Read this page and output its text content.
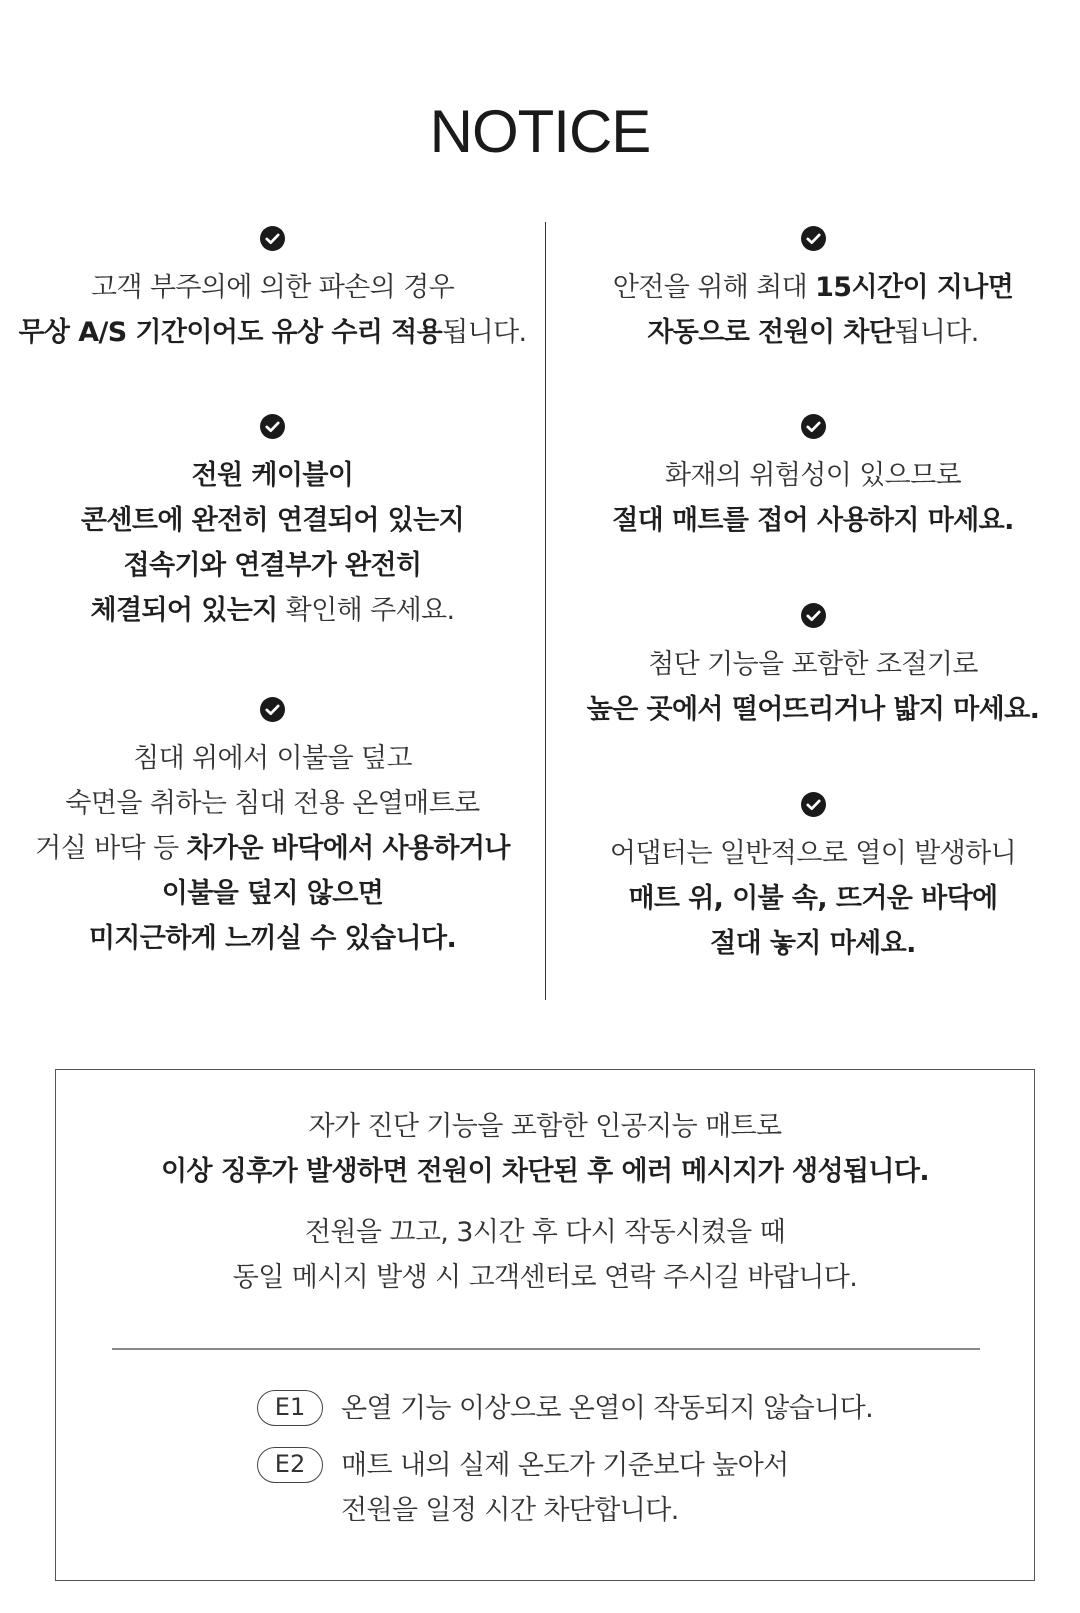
NOTICE
고객 부주의에 의한 파손의 경우
무상 A/S 기간이어도 유상 수리 적용됩니다.
전원 케이블이
콘센트에 완전히 연결되어 있는지
접속기와 연결부가 완전히
체결되어 있는지 확인해 주세요.
침대 위에서 이불을 덮고
숙면을 취하는 침대 전용 온열매트로
거실 바닥 등 차가운 바닥에서 사용하거나
이불을 덮지 않으면
미지근하게 느끼실 수 있습니다.
안전을 위해 최대 15시간이 지나면
자동으로 전원이 차단됩니다.
화재의 위험성이 있으므로
절대 매트를 접어 사용하지 마세요.
첨단 기능을 포함한 조절기로
높은 곳에서 떨어뜨리거나 밟지 마세요.
어댑터는 일반적으로 열이 발생하니
매트 위, 이불 속, 뜨거운 바닥에
절대 놓지 마세요.
자가 진단 기능을 포함한 인공지능 매트로
이상 징후가 발생하면 전원이 차단된 후 에러 메시지가 생성됩니다.
전원을 끄고, 3시간 후 다시 작동시켰을 때
동일 메시지 발생 시 고객센터로 연락 주시길 바랍니다.
E1	온열 기능 이상으로 온열이 작동되지 않습니다.
E2	매트 내의 실제 온도가 기준보다 높아서
전원을 일정 시간 차단합니다.
